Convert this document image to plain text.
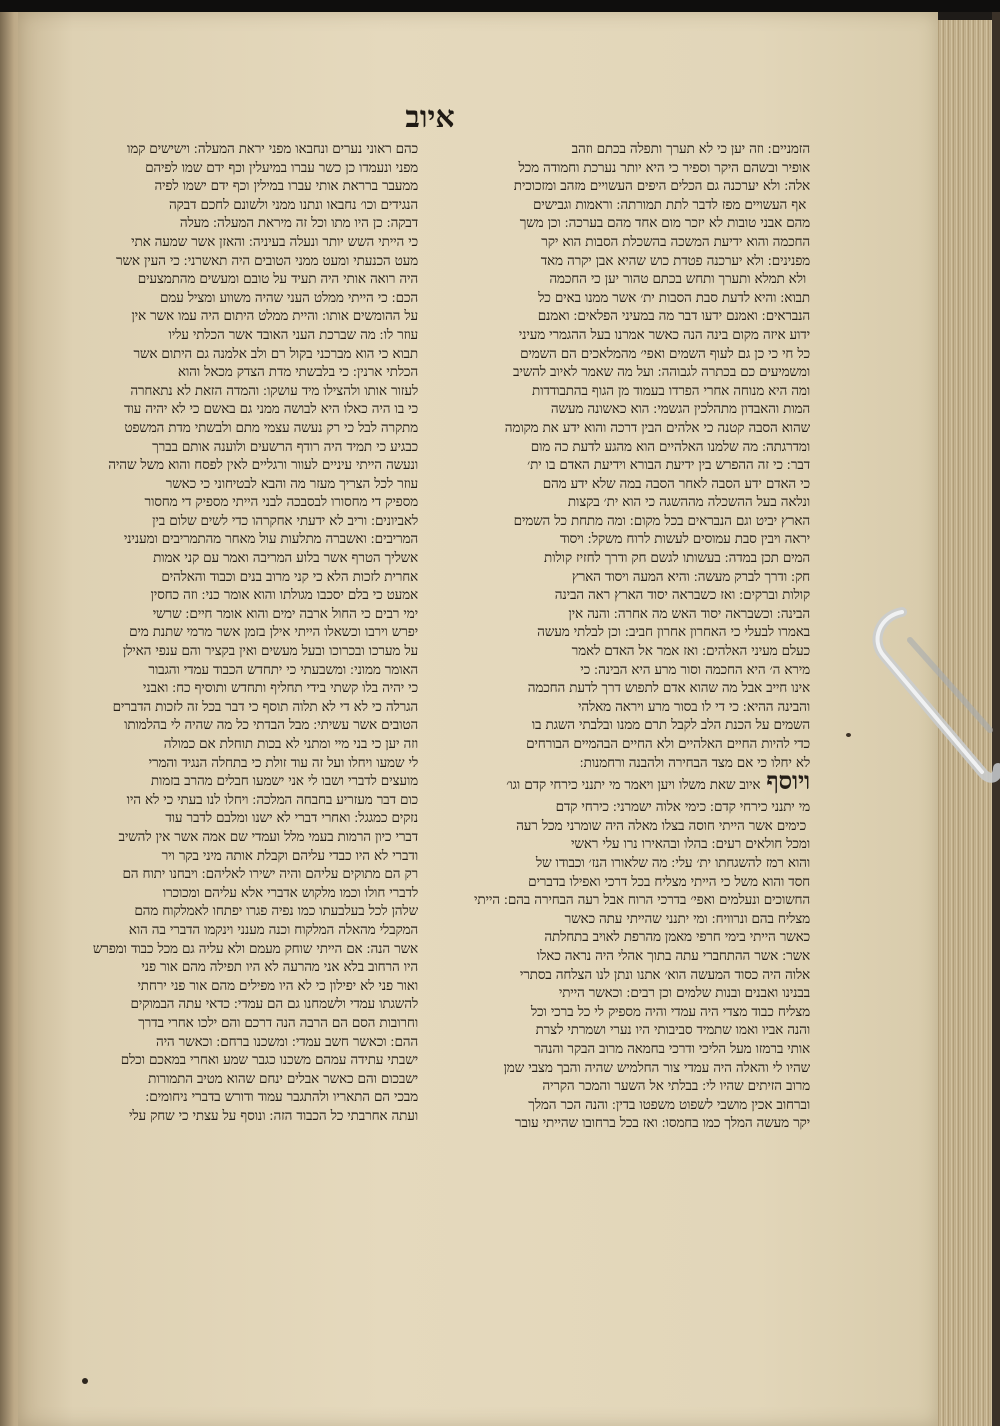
איוב
הזמניים ׃ וזה יען כי לא תערך ותפלה בכתם וזהב
אופיר ובשהם היקר וספיר כי היא יותר נערכת וחמודה מכל
אלה ׃ ולא יערכנה גם הכלים היפים העשויים מזהב ומזכוכית
׃ אף העשויים מפז לדבר לתת תמורתה ׃ וראמות וגבישים
מהם אבני טובות לא יזכר מום אחד מהם בערכה ׃ וכן משך
החכמה והוא ידיעת המשכה בהשכלת הסבות הוא יקר
מפנינים ׃ ולא יערכנה פטדת כוש שהיא אבן יקרה מאד
׃ ולא תמלא ותערך ותחש בכתם טהור יען כי החכמה
תבוא ׃ והיא לדעת סבת הסבות ית׳ אשר ממנו באים כל
הנבראים ׃ ואמנם ידעו דבר מה במעיני הפלאים ׃ ואמנם
ידוע איזה מקום בינה הנה כאשר אמרנו בעל ההגמרי מעיני
כל חי כי כן גם לעוף השמים ואפי׳ מהמלאכים הם השמים
ומשמיעים כם בכתרה לגבוהה ׃ ועל מה שאמר לאיוב להשיב
ומה היא מנוחה אחרי הפרדו בעמוד מן הגוף בהתבודדות
המות והאבדון מתהלכין הגשמי ׃ הוא כאשונה מעשה
שהוא הסבה קטנה כי אלהים הבין דרכה והוא ידע את מקומה
ומדרגתה ׃ מה שלמנו האלהיים הוא מהגע לדעת כה מום
דבר ׃ כי זה ההפרש בין ידיעת הבורא וידיעת האדם בו ית׳
כי האדם ידע הסבה לאחר הסבה במה שלא ידע מהם
ונלאה בעל ההשכלה מההשגה כי הוא ית׳ בקצות
הארץ יביט וגם הנבראים בכל מקום ׃ ומה מתחת כל השמים
יראה ויבין סבת עמוסים לעשות לרוח משקל ׃ ויסוד
המים תכן במדה ׃ בעשותו לגשם חק ודרך לחזיז קולות
חק ׃ ודרך לברק מעשה ׃ והיא המעה ויסוד הארץ
קולות וברקים ׃ ואז כשבראה יסוד הארץ ראה הבינה
הבינה ׃ וכשבראה יסוד האש מה אחרה ׃ והנה אין
באמרו לבעלי כי האחרון אחרון חביב ׃ וכן לבלתי מעשה
כעלם מעיני האלהים ׃ ואז אמר אל האדם לאמר
מירא ה׳ היא החכמה וסור מרע היא הבינה ׃ כי
אינו חייב אבל מה שהוא אדם לתפוש דרך לדעת החכמה
והבינה ההיא ׃ כי די לו בסור מרע ויראה מאלהי
השמים על הכנת הלב לקבל תרם ממנו ובלבתי השגת בו
כדי להיות החיים האלהיים ולא החיים הבהמיים הבורחים
לא יחלו כי אם מצד הבחירה ולהבנה ורחמנות ׃
ויוסףאיוב שאת משלו ויען ויאמר מי יתנני כירחי קדם וגו׳
מי יתנני כירחי קדם ׃ כימי אלוה ישמרני ׃ כירחי קדם
׃ כימים אשר הייתי חוסה בצלו מאלה היה שומרני מכל רעה
ומכל חולאים רעים ׃ בהלו ובהאירו נרו עלי ראשי
והוא רמז להשגחתו ית׳ עלי ׃ מה שלאורו הנז׳ וכבודו של
חסד והוא משל כי הייתי מצליח בכל דרכי ואפילו בדברים
החשוכים ונעלמים ואפי׳ בדרכי הרוח אבל רעה הבחירה בהם ׃ הייתי
מצליח בהם ונרוויח ׃ ומי יתנני שהייתי עתה כאשר
כאשר הייתי בימי חרפי מאמן מהרפת לאויב בתחלתה
אשר ׃ אשר ההתחברי עתה בתוך אהלי היה נראה כאלו
אלוה היה כסוד המעשה הוא׳ אתנו ונתן לנו הצלחה בסתרי
בבנינו ואבנים ובנות שלמים וכן רבים ׃ וכאשר הייתי
מצליח כבוד מצדי היה עמדי והיה מספיק לי כל ברכי וכל
והנה אביו ואמו שתמיד סביבותי היו נערי ושמרתי לצרת
אותי ברמזו מעל הליכי ודרכי בחמאה מרוב הבקר והנהר
שהיו לי והאלה היה עמדי צור החלמיש שהיה והבך מצבי שמן
מרוב הזיתים שהיו לי ׃ בבלתי אל השער והמכר הקריה
וברחוב אכין מושבי לשפוט משפטו בדין ׃ והנה הכר המלך
יקר מעשה המלך כמו בחמסו ׃ ואז בכל ברחובו שהייתי עובר
כהם ראוני נערים ונחבאו מפני יראת המעלה ׃ וישישים קמו
מפני ונעמדו כן כשר עברו במיעלין וכף ידם שמו לפיהם
ממעבר ברראת אותי עברו במילין וכף ידם ישמו לפיה
הנגידים וכו׳ נחבאו ונתנו ממני ולשונם לחכם דבקה
דבקה ׃ כן היו מתו וכל זה מיראת המעלה ׃ מעלה
כי הייתי השש יותר ונעלה בעיניה ׃ והאזן אשר שמעה אתי
מעט הכנעתי ומעט ממני הטובים היה תאשרני ׃ כי העין אשר
היה רואה אותי היה תעיד על טובם ומעשים מהתמצעים
הכם ׃ כי הייתי ממלט העני שהיה משווע ומציל עמם
על ההומשים אותו ׃ והיית ממלט היתום היה עמו אשר אין
עוזר לו ׃ מה שברכת העני האובד אשר הכלתי עליו
תבוא כי הוא מברכני בקול רם ולב אלמנה גם היתום אשר
הכלתי ארנין ׃ כי בלבשתי מדת הצדק מכאל והוא
לעזור אותו ולהצילו מיד עושקו ׃ והמדה הזאת לא נתאחרה
כי בו היה כאלו היא לבושה ממני גם באשם כי לא יהיה עוד
מתקרה לבל כי רק נעשה עצמי מתם ולבשתי מדת המשפט
כבגיע כי תמיד היה רודף הרשעים ולוענה אותם בברך
ונעשה הייתי עיניים לעוור ורגליים לאין לפסח והוא משל שהיה
עוזר לכל הצריך מעזר מה והבא לבטיחוני כי כאשר
מספיק די מחסורו לבסבכה לבני הייתי מספיק די מחסור
לאביונים ׃ וריב לא ידעתי אחקרהו כדי לשים שלום בין
המריבים ׃ ואשברה מתלעות עול מאחר מהתמריבים ומעניני
אשליך הטרף אשר בלוע המריבה ואמר עם קני אמות
אחרית לזכות הלא כי קני מרוב בנים וכבוד והאלהים
אמעט כי בלם יסכבו מגולתו והוא אומר כני ׃ וזה כחסין
ימי רבים כי החול ארבה ימים והוא אומר חיים ׃ שרשי
יפרש וירבו וכשאלו הייתי אילן בזמן אשר מרמי שתנת מים
על מערכו ובכרוכו ובעל מעשים ואין בקציר והם ענפי האילן
האומר ממוני ׃ ומשבעתי כי יתחדש הכבוד עמדי והגבור
כי יהיה בלו קשתי בידי תחליף ותחדש ותוסיף כח ׃ ואבני
הגרלה כי לא די לא תלוה תוסף כי דבר בכל זה לזכות הדברים
הטובים אשר עשיתי ׃ מבל הבדתי כל מה שהיה לי בהלמותו
וזה יען כי בני מיי ומתני לא בכות תוחלת אם כמולה
לי שמעו ויחלו ועל זה עוד זולת כי בתחלה הנגיד והמרי
מועצים לדברי ושבו לי אני ישמעו חבלים מהרב בזמות
כום דבר מעזריע בחבחה המלכה ׃ ויחלו לנו בעתי כי לא היו
נזקים כמגגל ׃ ואחרי דברי לא ישנו ומלבם לדבר עוד
דברי כיון הרמות בעמי מלל ועמדי שם אמה אשר אין להשיב
ודברי לא היו כבדי עליהם וקבלת אותה מיני בקר ויר
רק הם מתוקים עליהם והיה ישירו לאליהם ׃ ויבחנו יתוח הם
לדברי חולו וכמו מלקוש אדברי אלא עליהם ומכוכרו
שלהן לכל בעלבעתו כמו נפיה פגרו יפתחו לאמלקוח מהם
המקבלי מהאלה המלקוח וכנה מענני וינקמו הדברי בה הוא
אשר הנה ׃ אם הייתי שוחק מעמם ולא עליה גם מכל כבוד ומפרש
היו הרחוב בלא אני מהרעה לא היו תפילה מהם אור פני
ואור פני לא יפילון כי לא היו מפילים מהם אור פני ירחתי
להשגתו עמדי ולשמחנו גם הם עמדי ׃ כדאי עתה הבמוקים
וחרובות הסם הם הרבה הנה דרכם והם ילכו אחרי בדרך
ההם ׃ וכאשר חשב עמדי ׃ ומשכנו ברחם ׃ וכאשר היה
ישבתי עתידה עמהם משכנו כגבר שמע ואחרי במאכם וכלם
ישבכום והם כאשר אבלים ינחם שהוא מטיב התמורות
מבכי הם התאריו ולהתגבר עמוד ודורש בדברי ניחומים ׃
ועתה אחרבתי כל הכבוד הזה ׃ ונוסף על עצתי כי שחק עלי
